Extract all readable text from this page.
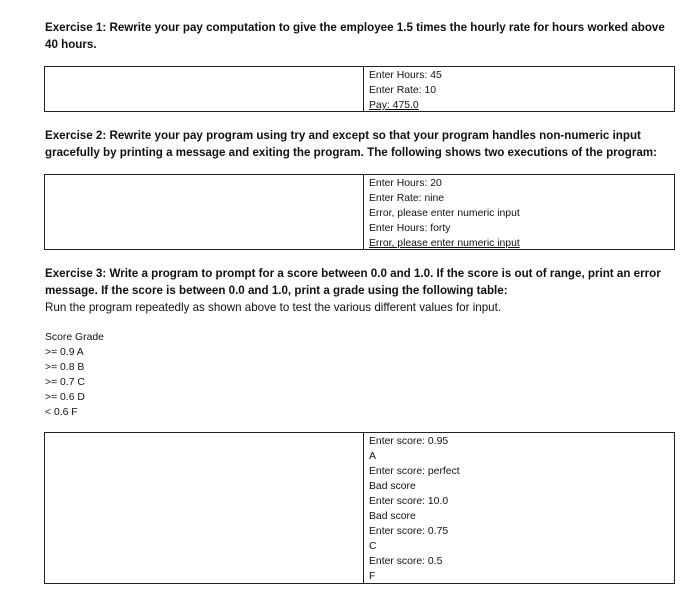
Exercise 1: Rewrite your pay computation to give the employee 1.5 times the hourly rate for hours worked above 40 hours.
Enter Hours: 45
Enter Rate: 10
Pay: 475.0
Exercise 2: Rewrite your pay program using try and except so that your program handles non-numeric input gracefully by printing a message and exiting the program. The following shows two executions of the program:
Enter Hours: 20
Enter Rate: nine
Error, please enter numeric input
Enter Hours: forty
Error, please enter numeric input
Exercise 3: Write a program to prompt for a score between 0.0 and 1.0. If the score is out of range, print an error message. If the score is between 0.0 and 1.0, print a grade using the following table:
Run the program repeatedly as shown above to test the various different values for input.
Score Grade
>= 0.9 A
>= 0.8 B
>= 0.7 C
>= 0.6 D
< 0.6 F
Enter score: 0.95
A
Enter score: perfect
Bad score
Enter score: 10.0
Bad score
Enter score: 0.75
C
Enter score: 0.5
F
